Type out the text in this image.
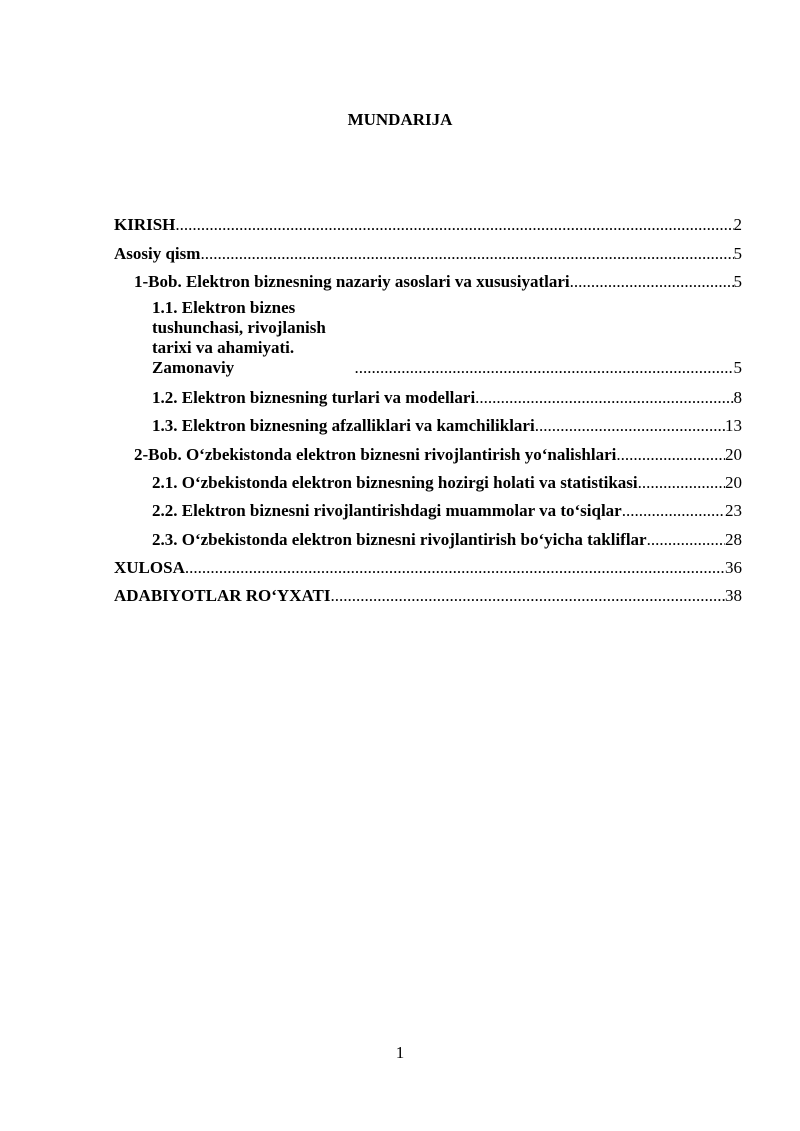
MUNDARIJA
KIRISH .....	2
Asosiy qism .....	5
1-Bob. Elektron biznesning nazariy asoslari va xususiyatlari .....	5
1.1. Elektron biznes tushunchasi, rivojlanish tarixi va ahamiyati. Zamonaviy .....	5
1.2. Elektron biznesning turlari va modellari .....	8
1.3. Elektron biznesning afzalliklari va kamchiliklari .....	13
2-Bob. O‘zbekistonda elektron biznesni rivojlantirish yo‘nalishlari .....	20
2.1. O‘zbekistonda elektron biznesning hozirgi holati va statistikasi .....	20
2.2. Elektron biznesni rivojlantirishdagi muammolar va to‘siqlar .....	23
2.3. O‘zbekistonda elektron biznesni rivojlantirish bo‘yicha takliflar .....	28
XULOSA .....	36
ADABIYOTLAR RO‘YXATI .....	38
1
